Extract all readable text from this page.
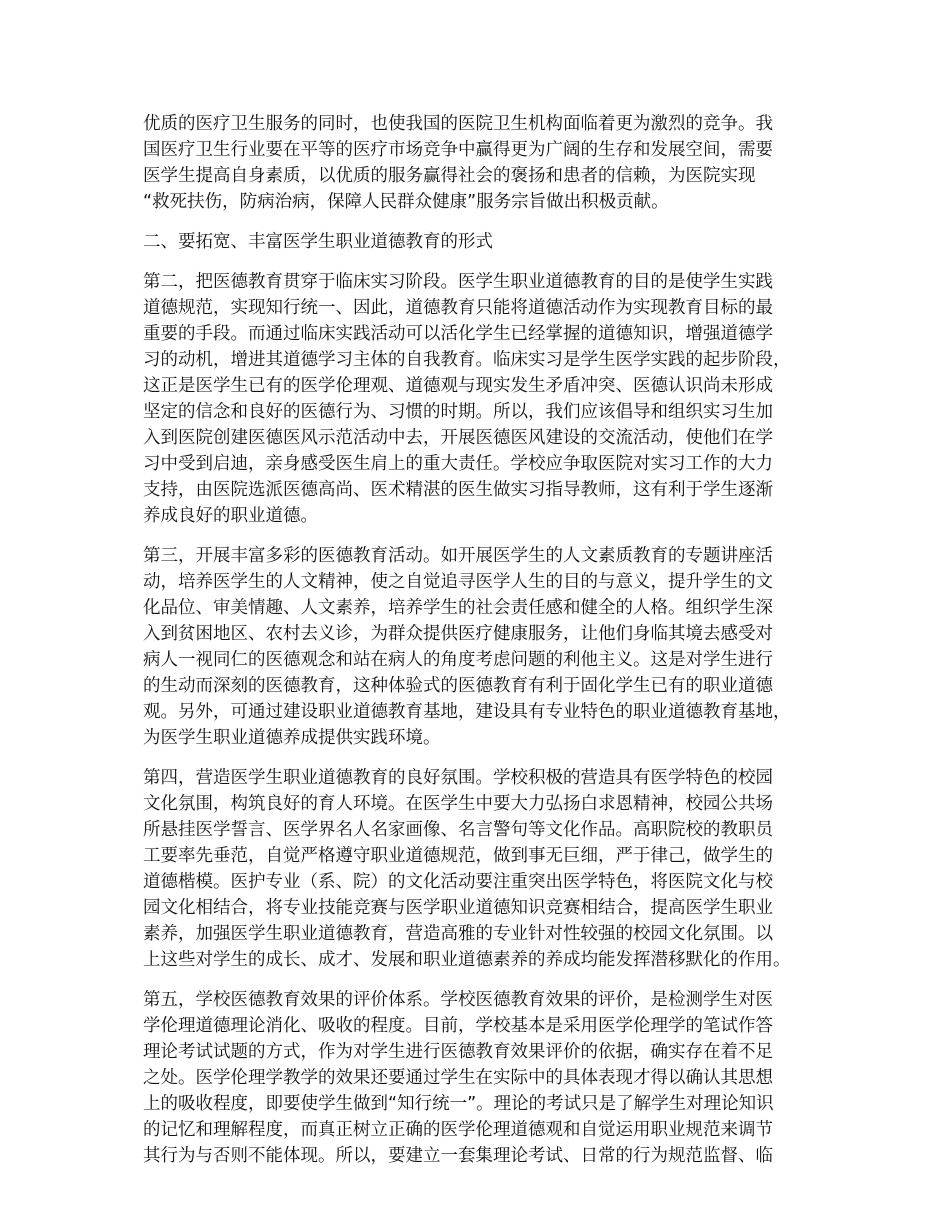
优质的医疗卫生服务的同时，也使我国的医院卫生机构面临着更为激烈的竞争。我
国医疗卫生行业要在平等的医疗市场竞争中赢得更为广阔的生存和发展空间，需要
医学生提高自身素质，以优质的服务赢得社会的褒扬和患者的信赖，为医院实现
“救死扶伤，防病治病，保障人民群众健康”服务宗旨做出积极贡献。
二、要拓宽、丰富医学生职业道德教育的形式
第二，把医德教育贯穿于临床实习阶段。医学生职业道德教育的目的是使学生实践
道德规范，实现知行统一、因此，道德教育只能将道德活动作为实现教育目标的最
重要的手段。而通过临床实践活动可以活化学生已经掌握的道德知识，增强道德学
习的动机，增进其道德学习主体的自我教育。临床实习是学生医学实践的起步阶段，
这正是医学生已有的医学伦理观、道德观与现实发生矛盾冲突、医德认识尚未形成
坚定的信念和良好的医德行为、习惯的时期。所以，我们应该倡导和组织实习生加
入到医院创建医德医风示范活动中去，开展医德医风建设的交流活动，使他们在学
习中受到启迪，亲身感受医生肩上的重大责任。学校应争取医院对实习工作的大力
支持，由医院选派医德高尚、医术精湛的医生做实习指导教师，这有利于学生逐渐
养成良好的职业道德。
第三，开展丰富多彩的医德教育活动。如开展医学生的人文素质教育的专题讲座活
动，培养医学生的人文精神，使之自觉追寻医学人生的目的与意义，提升学生的文
化品位、审美情趣、人文素养，培养学生的社会责任感和健全的人格。组织学生深
入到贫困地区、农村去义诊，为群众提供医疗健康服务，让他们身临其境去感受对
病人一视同仁的医德观念和站在病人的角度考虑问题的利他主义。这是对学生进行
的生动而深刻的医德教育，这种体验式的医德教育有利于固化学生已有的职业道德
观。另外，可通过建设职业道德教育基地，建设具有专业特色的职业道德教育基地，
为医学生职业道德养成提供实践环境。
第四，营造医学生职业道德教育的良好氛围。学校积极的营造具有医学特色的校园
文化氛围，构筑良好的育人环境。在医学生中要大力弘扬白求恩精神，校园公共场
所悬挂医学誓言、医学界名人名家画像、名言警句等文化作品。高职院校的教职员
工要率先垂范，自觉严格遵守职业道德规范，做到事无巨细，严于律己，做学生的
道德楷模。医护专业（系、院）的文化活动要注重突出医学特色，将医院文化与校
园文化相结合，将专业技能竞赛与医学职业道德知识竞赛相结合，提高医学生职业
素养，加强医学生职业道德教育，营造高雅的专业针对性较强的校园文化氛围。以
上这些对学生的成长、成才、发展和职业道德素养的养成均能发挥潜移默化的作用。
第五，学校医德教育效果的评价体系。学校医德教育效果的评价，是检测学生对医
学伦理道德理论消化、吸收的程度。目前，学校基本是采用医学伦理学的笔试作答
理论考试试题的方式，作为对学生进行医德教育效果评价的依据，确实存在着不足
之处。医学伦理学教学的效果还要通过学生在实际中的具体表现才得以确认其思想
上的吸收程度，即要使学生做到“知行统一”。理论的考试只是了解学生对理论知识
的记忆和理解程度，而真正树立正确的医学伦理道德观和自觉运用职业规范来调节
其行为与否则不能体现。所以，要建立一套集理论考试、日常的行为规范监督、临
